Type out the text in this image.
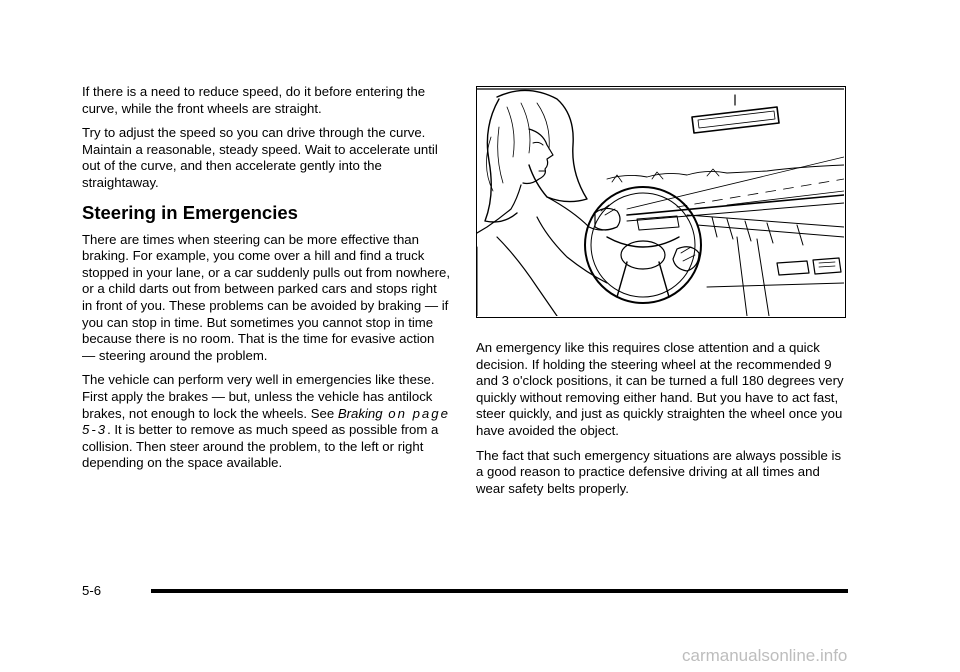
If there is a need to reduce speed, do it before entering the curve, while the front wheels are straight.

Try to adjust the speed so you can drive through the curve. Maintain a reasonable, steady speed. Wait to accelerate until out of the curve, and then accelerate gently into the straightaway.

Steering in Emergencies

There are times when steering can be more effective than braking. For example, you come over a hill and find a truck stopped in your lane, or a car suddenly pulls out from nowhere, or a child darts out from between parked cars and stops right in front of you. These problems can be avoided by braking — if you can stop in time. But sometimes you cannot stop in time because there is no room. That is the time for evasive action — steering around the problem.

The vehicle can perform very well in emergencies like these. First apply the brakes — but, unless the vehicle has antilock brakes, not enough to lock the wheels. See Braking on page 5‑3. It is better to remove as much speed as possible from a collision. Then steer around the problem, to the left or right depending on the space available.

An emergency like this requires close attention and a quick decision. If holding the steering wheel at the recommended 9 and 3 o'clock positions, it can be turned a full 180 degrees very quickly without removing either hand. But you have to act fast, steer quickly, and just as quickly straighten the wheel once you have avoided the object.

The fact that such emergency situations are always possible is a good reason to practice defensive driving at all times and wear safety belts properly.

5-6
carmanualsonline.info
